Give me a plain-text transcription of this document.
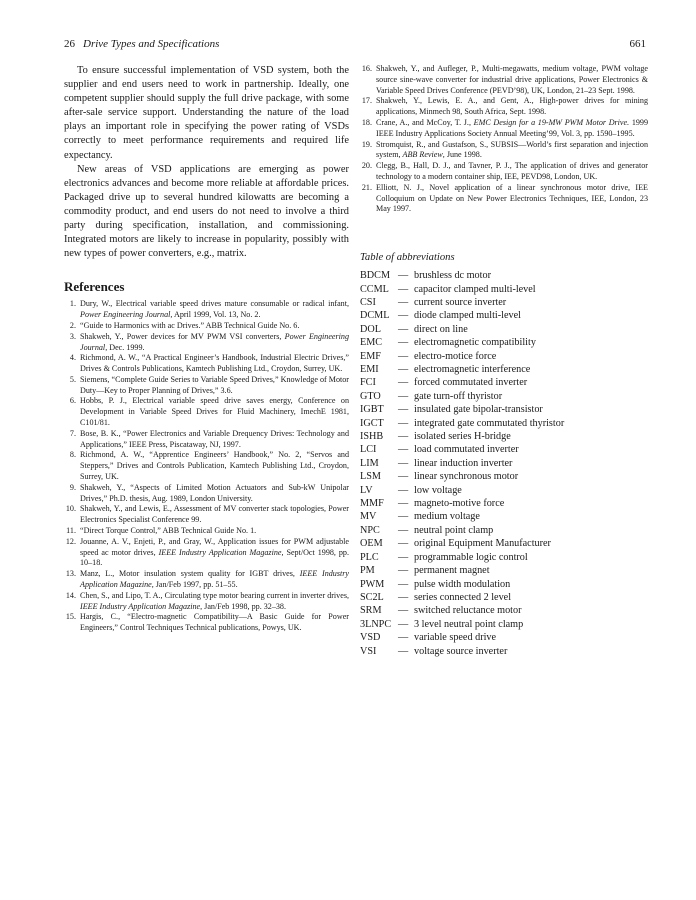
26 Drive Types and Specifications	661

To ensure successful implementation of VSD system, both the supplier and end users need to work in partnership. Ideally, one competent supplier should supply the full drive package, with some after-sale service support. Understanding the nature of the load plays an important role in specifying the power rating of VSDs correctly to meet performance requirements and required life expectancy.

New areas of VSD applications are emerging as power electronics advances and become more reliable at affordable prices. Packaged drive up to several hundred kilowatts are becoming a commodity product, and end users do not need to involve a third party during specification, installation, and commissioning. Integrated motors are likely to increase in popularity, possibly with new types of power converters, e.g., matrix.

References
1. Dury, W., Electrical variable speed drives mature consumable or radical infant, Power Engineering Journal, April 1999, Vol. 13, No. 2.
2. “Guide to Harmonics with ac Drives.” ABB Technical Guide No. 6.
3. Shakweh, Y., Power devices for MV PWM VSI converters, Power Engineering Journal, Dec. 1999.
4. Richmond, A. W., “A Practical Engineer’s Handbook, Industrial Electric Drives,” Drives & Controls Publications, Kamtech Publishing Ltd., Croydon, Surrey, UK.
5. Siemens, “Complete Guide Series to Variable Speed Drives,” Knowledge of Motor Duty—Key to Proper Planning of Drives,” 3.6.
6. Hobbs, P. J., Electrical variable speed drive saves energy, Conference on Development in Variable Speed Drives for Fluid Machinery, ImechE 1981, C101/81.
7. Bose, B. K., “Power Electronics and Variable Drequency Drives: Technology and Applications,” IEEE Press, Piscataway, NJ, 1997.
8. Richmond, A. W., “Apprentice Engineers’ Handbook,” No. 2, “Servos and Steppers,” Drives and Controls Publication, Kamtech Publishing Ltd., Croydon, Surrey, UK.
9. Shakweh, Y., “Aspects of Limited Motion Actuators and Sub-kW Unipolar Drives,” Ph.D. thesis, Aug. 1989, London University.
10. Shakweh, Y., and Lewis, E., Assessment of MV converter stack topologies, Power Electronics Specialist Conference 99.
11. “Direct Torque Control,” ABB Technical Guide No. 1.
12. Jouanne, A. V., Enjeti, P., and Gray, W., Application issues for PWM adjustable speed ac motor drives, IEEE Industry Application Magazine, Sept/Oct 1998, pp. 10–18.
13. Manz, L., Motor insulation system quality for IGBT drives, IEEE Industry Application Magazine, Jan/Feb 1997, pp. 51–55.
14. Chen, S., and Lipo, T. A., Circulating type motor bearing current in inverter drives, IEEE Industry Application Magazine, Jan/Feb 1998, pp. 32–38.
15. Hargis, C., “Electro-magnetic Compatibility—A Basic Guide for Power Engineers,” Control Techniques Technical publications, Powys, UK.
16. Shakweh, Y., and Aufleger, P., Multi-megawatts, medium voltage, PWM voltage source sine-wave converter for industrial drive applications, Power Electronics & Variable Speed Drives Conference (PEVD’98), UK, London, 21–23 Sept. 1998.
17. Shakweh, Y., Lewis, E. A., and Gent, A., High-power drives for mining applications, Minmech 98, South Africa, Sept. 1998.
18. Crane, A., and McCoy, T. J., EMC Design for a 19-MW PWM Motor Drive. 1999 IEEE Industry Applications Society Annual Meeting’99, Vol. 3, pp. 1590–1995.
19. Stromquist, R., and Gustafson, S., SUBSIS—World’s first separation and injection system, ABB Review, June 1998.
20. Clegg, B., Hall, D. J., and Tavner, P. J., The application of drives and generator technology to a modern container ship, IEE, PEVD98, London, UK.
21. Elliott, N. J., Novel application of a linear synchronous motor drive, IEE Colloquium on Update on New Power Electronics Techniques, IEE, London, 23 May 1997.
Table of abbreviations
BDCM — brushless dc motor
CCML — capacitor clamped multi-level
CSI	— current source inverter
DCML — diode clamped multi-level
DOL	— direct on line
EMC	— electromagnetic compatibility
EMF	— electro-motice force
EMI	— electromagnetic interference
FCI	— forced commutated inverter
GTO	— gate turn-off thyristor
IGBT	— insulated gate bipolar-transistor
IGCT	— integrated gate commutated thyristor
ISHB	— isolated series H-bridge
LCI	— load commutated inverter
LIM	— linear induction inverter
LSM	— linear synchronous motor
LV	— low voltage
MMF	— magneto-motive force
MV	— medium voltage
NPC	— neutral point clamp
OEM	— original Equipment Manufacturer
PLC	— programmable logic control
PM	— permanent magnet
PWM	— pulse width modulation
SC2L	— series connected 2 level
SRM	— switched reluctance motor
3LNPC — 3 level neutral point clamp
VSD	— variable speed drive
VSI	— voltage source inverter
